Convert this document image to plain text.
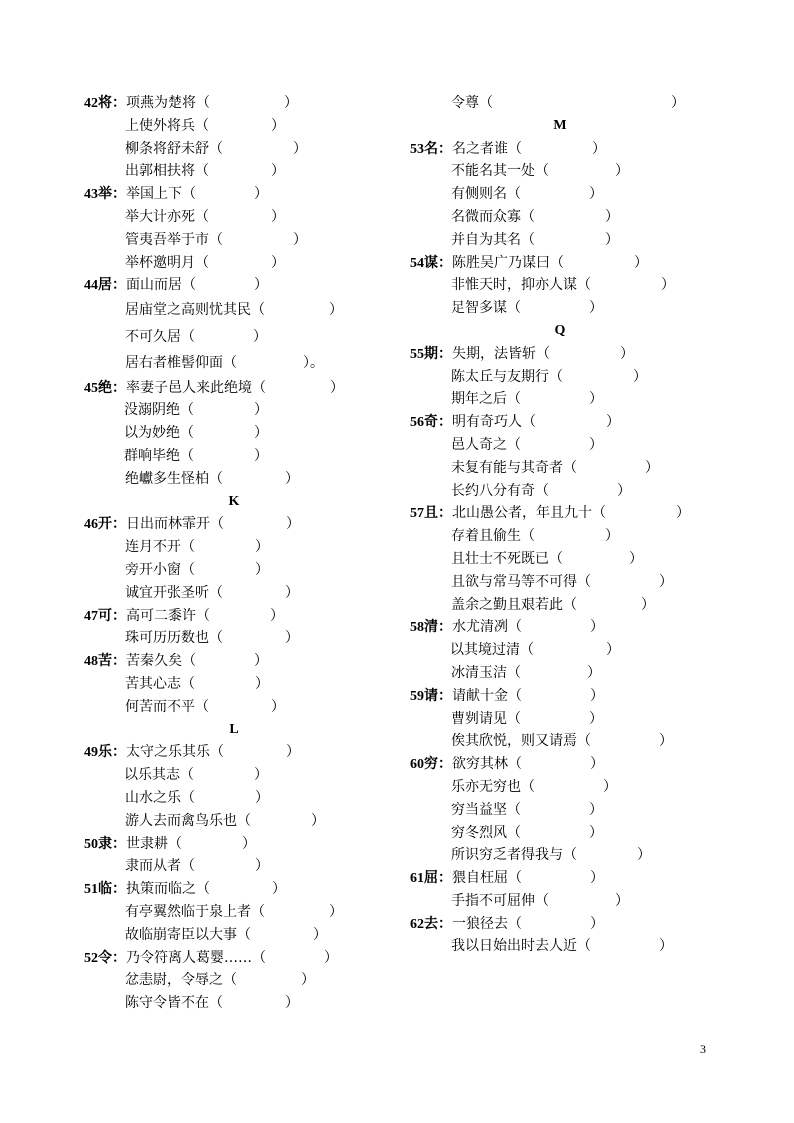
42将：项燕为楚将（	）
上使外将兵（	）
柳条将舒未舒（	）
出郭相扶将（	）
43举：举国上下（	）
举大计亦死（	）
管夷吾举于市（	）
举杯邀明月（	）
44居：面山而居（	）
居庙堂之高则忧其民（	）
不可久居（	）
居右者椎髻仰面（	）。
45绝：率妻子邑人来此绝境（	）
没溺阴绝（	）
以为妙绝（	）
群响毕绝（	）
绝巘多生怪柏（	）
K
46开：日出而林霏开（	）
连月不开（	）
旁开小窗（	）
诚宜开张圣听（	）
47可：高可二黍许（	）
珠可历历数也（	）
48苦：苦秦久矣（	）
苦其心志（	）
何苦而不平（	）
L
49乐：太守之乐其乐（	）
以乐其志（	）
山水之乐（	）
游人去而禽鸟乐也（	）
50隶：世隶耕（	）
隶而从者（	）
51临：执策而临之（	）
有亭翼然临于泉上者（	）
故临崩寄臣以大事（	）
52令：乃令符离人葛婴……（	）
忿恚尉，令辱之（	）
陈守令皆不在（	）
令尊（	）
M
53名：名之者谁（	）
不能名其一处（	）
有侧则名（	）
名微而众寡（	）
并自为其名（	）
54谋：陈胜吴广乃谋曰（	）
非惟天时，抑亦人谋（	）
足智多谋（	）
Q
55期：失期，法皆斩（	）
陈太丘与友期行（	）
期年之后（	）
56奇：明有奇巧人（	）
邑人奇之（	）
未复有能与其奇者（	）
长约八分有奇（	）
57且：北山愚公者，年且九十（	）
存着且偷生（	）
且壮士不死既已（	）
且欲与常马等不可得（	）
盖余之勤且艰若此（	）
58清：水尤清冽（	）
以其境过清（	）
冰清玉洁（	）
59请：请献十金（	）
曹刿请见（	）
俟其欣悦，则又请焉（	）
60穷：欲穷其林（	）
乐亦无穷也（	）
穷当益坚（	）
穷冬烈风（	）
所识穷乏者得我与（	）
61屈：猥自枉屈（	）
手指不可屈伸（	）
62去：一狼径去（	）
我以日始出时去人近（	）
3
